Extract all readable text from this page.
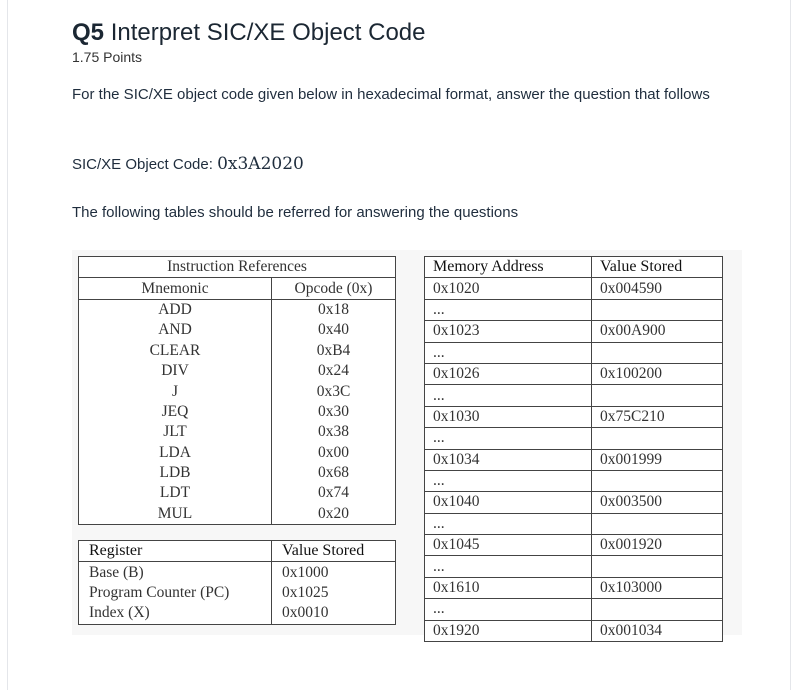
Q5 Interpret SIC/XE Object Code
1.75 Points
For the SIC/XE object code given below in hexadecimal format, answer the question that follows
SIC/XE Object Code: 0x3A2020
The following tables should be referred for answering the questions
Instruction References	
Mnemonic	Opcode (0x)
ADD	0x18
AND	0x40
CLEAR	0xB4
DIV	0x24
J	0x3C
JEQ	0x30
JLT	0x38
LDA	0x00
LDB	0x68
LDT	0x74
MUL	0x20
Register	Value Stored
Base (B)	0x1000
Program Counter (PC)	0x1025
Index (X)	0x0010
Memory Address	Value Stored
0x1020	0x004590
...	
0x1023	0x00A900
...	
0x1026	0x100200
...	
0x1030	0x75C210
...	
0x1034	0x001999
...	
0x1040	0x003500
...	
0x1045	0x001920
...	
0x1610	0x103000
...	
0x1920	0x001034
